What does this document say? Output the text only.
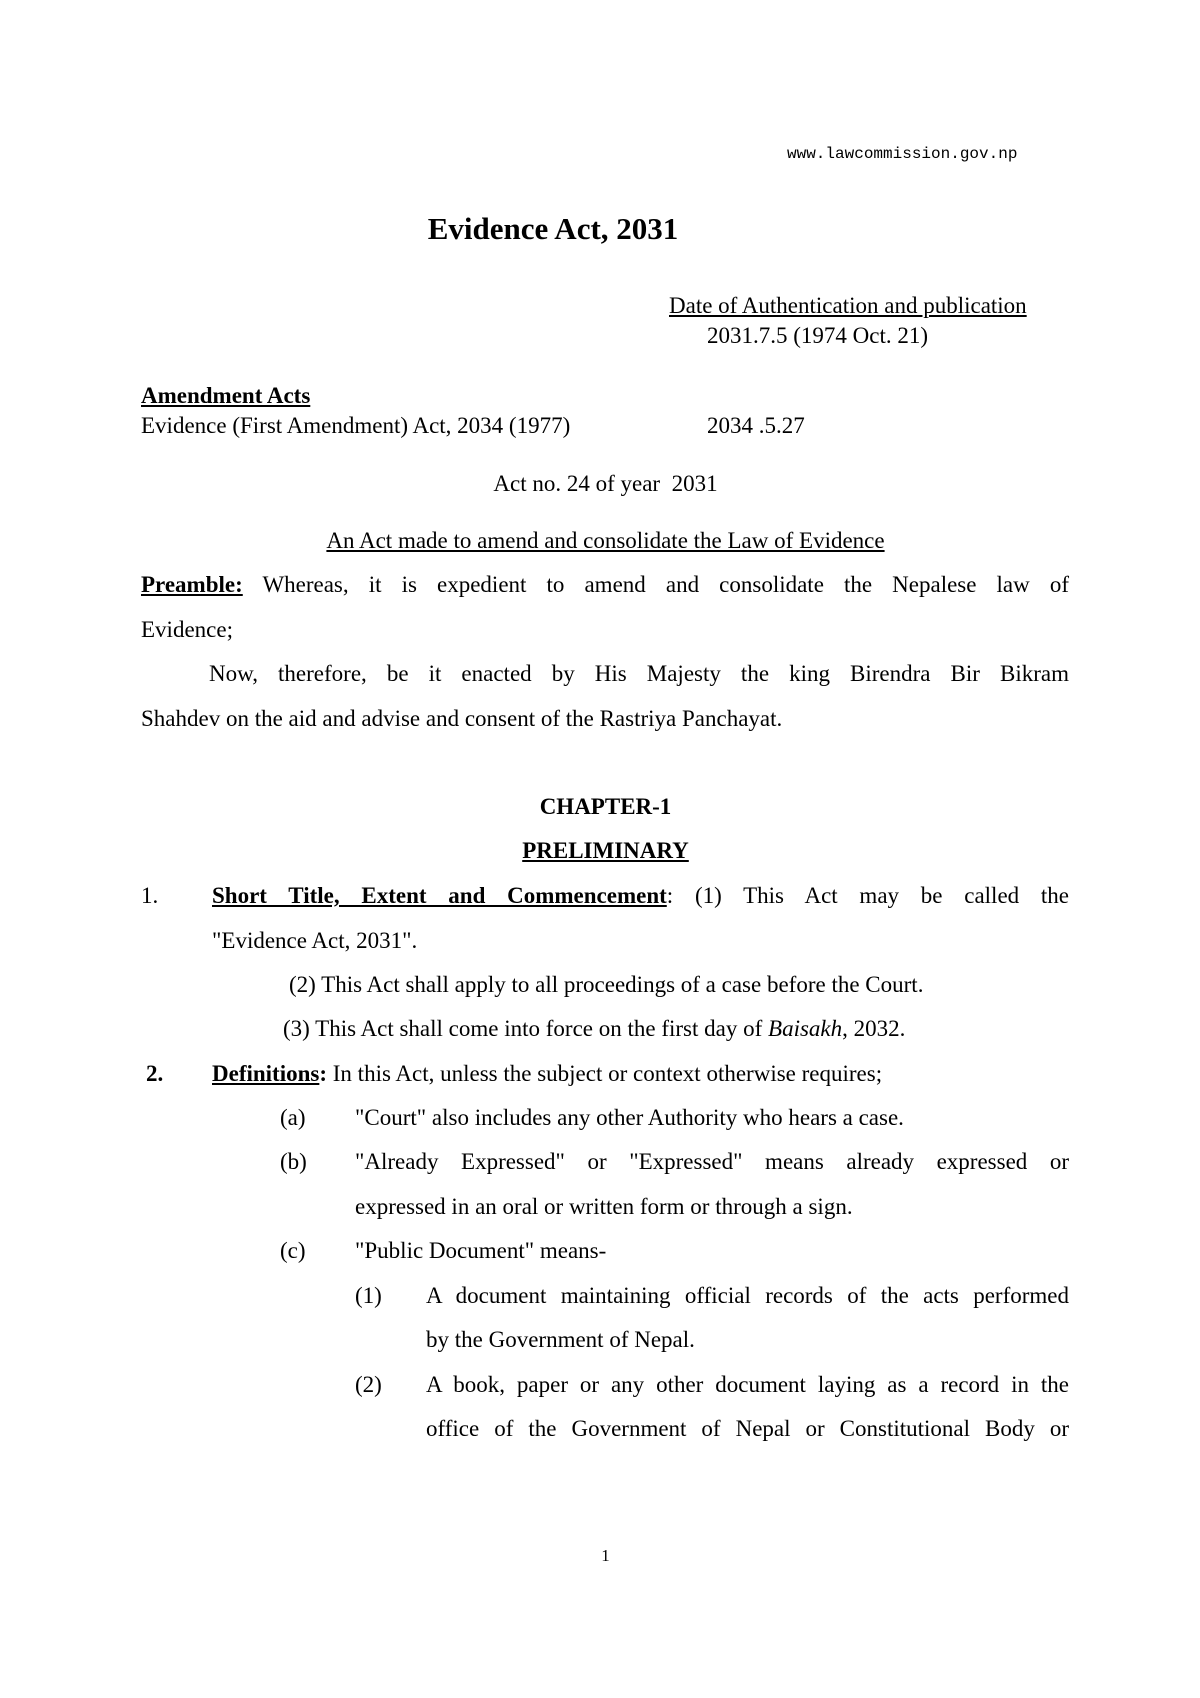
www.lawcommission.gov.np
Evidence Act, 2031
Date of Authentication and publication
2031.7.5 (1974 Oct. 21)
Amendment Acts
Evidence (First Amendment) Act, 2034 (1977)	2034 .5.27
Act no. 24 of year  2031
An Act made to amend and consolidate the Law of Evidence
Preamble: Whereas, it is expedient to amend and consolidate the Nepalese law of
Evidence;
Now, therefore, be it enacted by His Majesty the king Birendra Bir Bikram
Shahdev on the aid and advise and consent of the Rastriya Panchayat.
CHAPTER-1
PRELIMINARY
1. Short Title, Extent and Commencement: (1) This Act may be called the
"Evidence Act, 2031".
(2) This Act shall apply to all proceedings of a case before the Court.
(3) This Act shall come into force on the first day of Baisakh, 2032.
2. Definitions: In this Act, unless the subject or context otherwise requires;
(a) "Court" also includes any other Authority who hears a case.
(b) "Already Expressed" or "Expressed" means already expressed or
expressed in an oral or written form or through a sign.
(c) "Public Document" means-
(1) A document maintaining official records of the acts performed
by the Government of Nepal.
(2) A book, paper or any other document laying as a record in the
office of the Government of Nepal or Constitutional Body or
1
